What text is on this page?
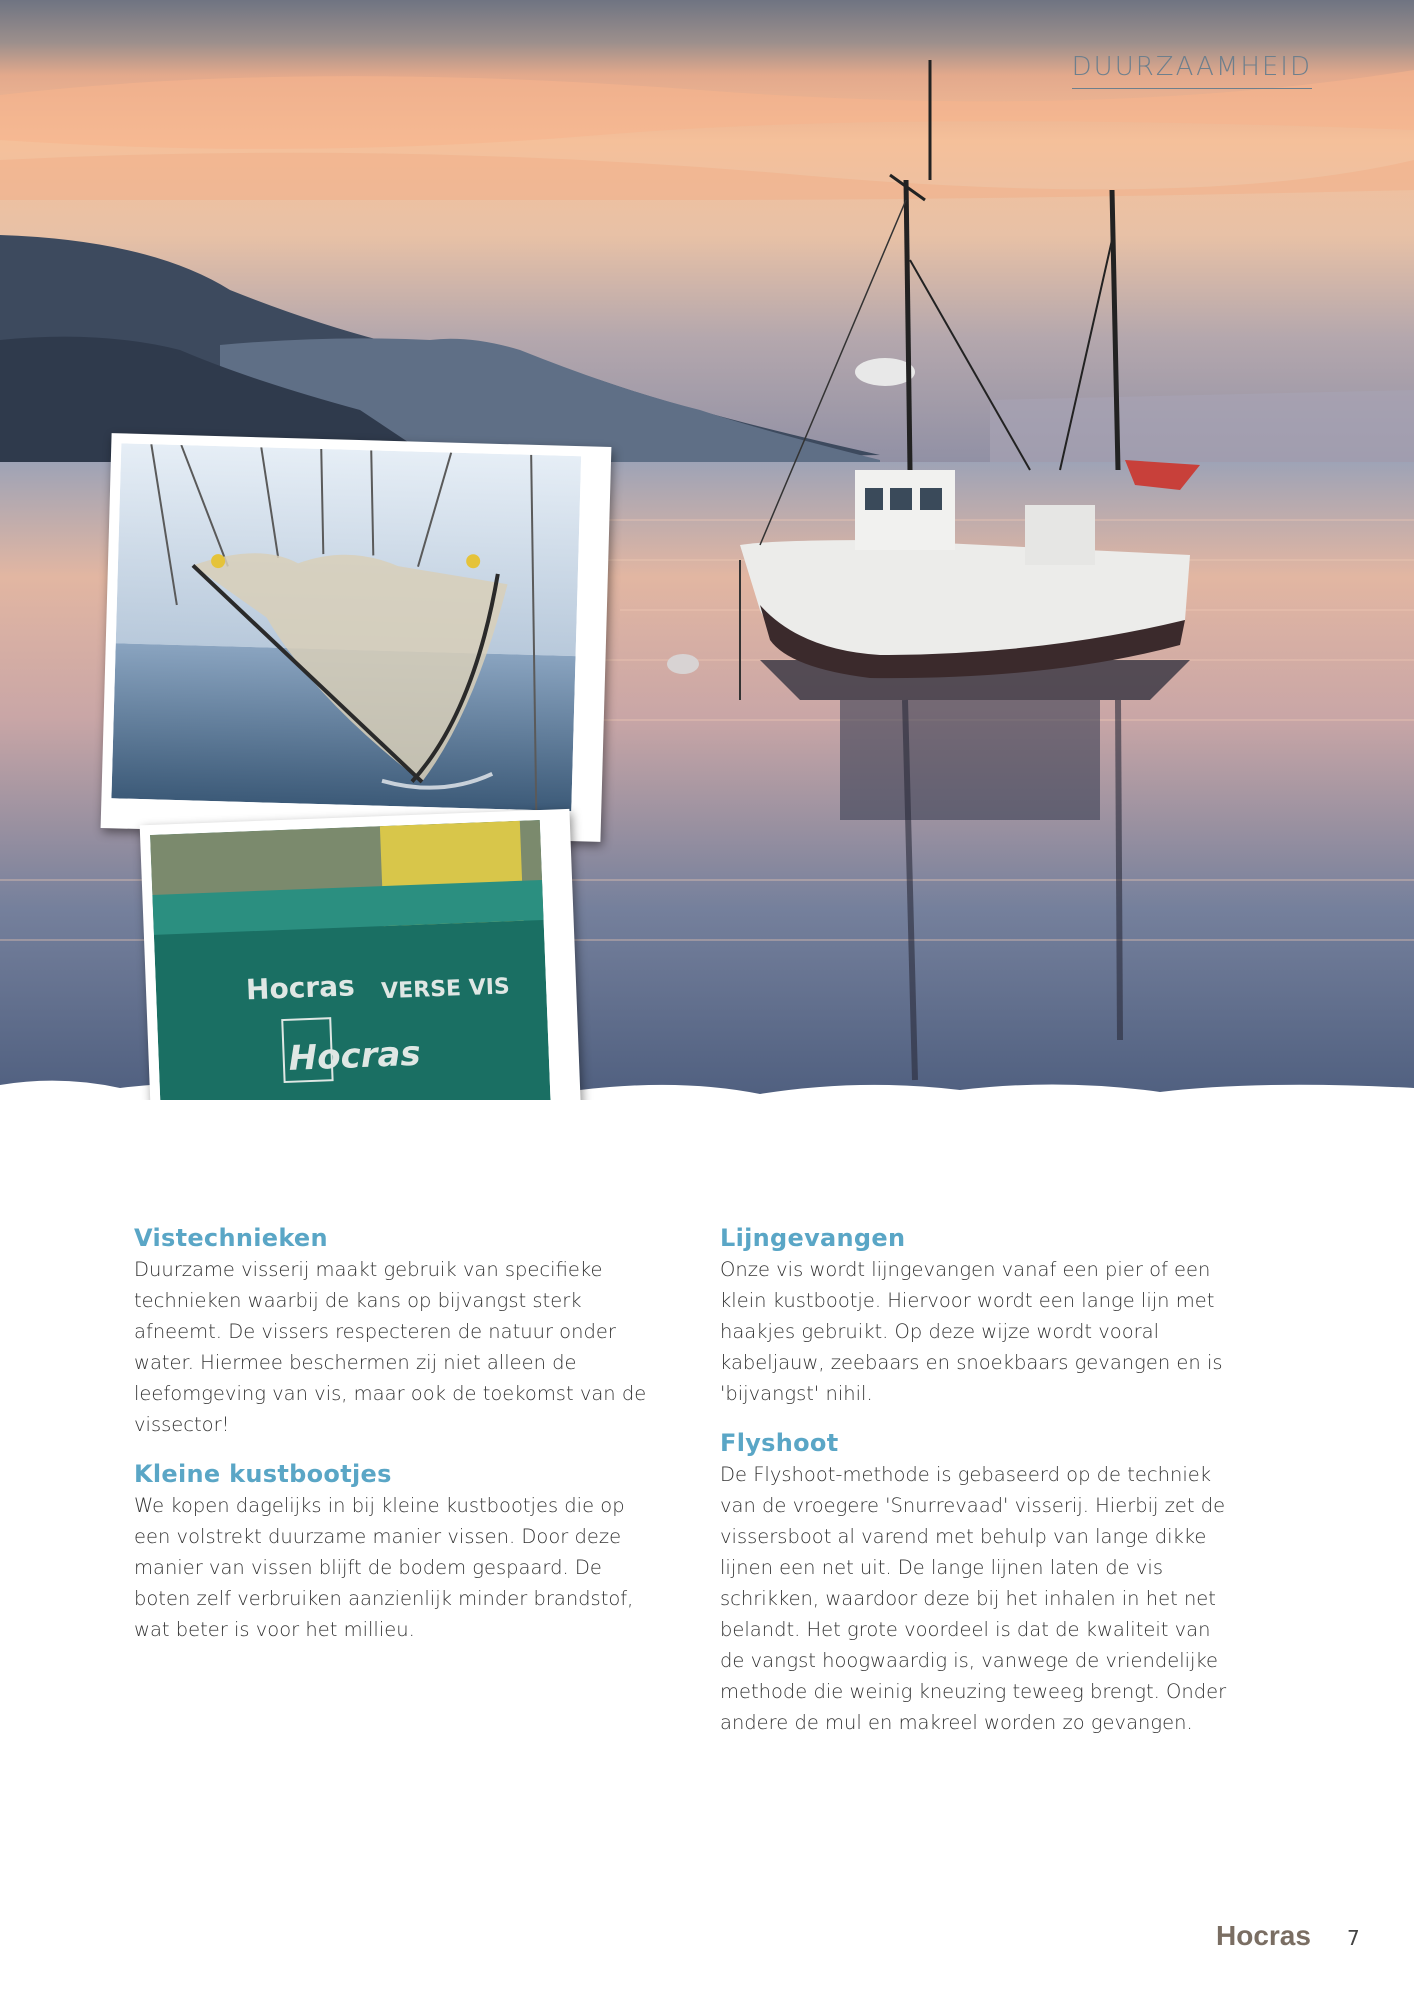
DUURZAAMHEID
Hocras VERSE VIS
Hocras
Vistechnieken

Duurzame visserij maakt gebruik van specifieke technieken waarbij de kans op bijvangst sterk afneemt. De vissers respecteren de natuur onder water. Hiermee beschermen zij niet alleen de leefomgeving van vis, maar ook de toekomst van de vissector!

Kleine kustbootjes

We kopen dagelijks in bij kleine kustbootjes die op een volstrekt duurzame manier vissen. Door deze manier van vissen blijft de bodem gespaard. De boten zelf verbruiken aanzienlijk minder brandstof, wat beter is voor het millieu.

Lijngevangen

Onze vis wordt lijngevangen vanaf een pier of een klein kustbootje. Hiervoor wordt een lange lijn met haakjes gebruikt. Op deze wijze wordt vooral kabeljauw, zeebaars en snoekbaars gevangen en is 'bijvangst' nihil.

Flyshoot

De Flyshoot-methode is gebaseerd op de techniek van de vroegere 'Snurrevaad' visserij. Hierbij zet de vissersboot al varend met behulp van lange dikke lijnen een net uit. De lange lijnen laten de vis schrikken, waardoor deze bij het inhalen in het net belandt. Het grote voordeel is dat de kwaliteit van de vangst hoogwaardig is, vanwege de vriendelijke methode die weinig kneuzing teweeg brengt. Onder andere de mul en makreel worden zo gevangen.

Hocras 7
